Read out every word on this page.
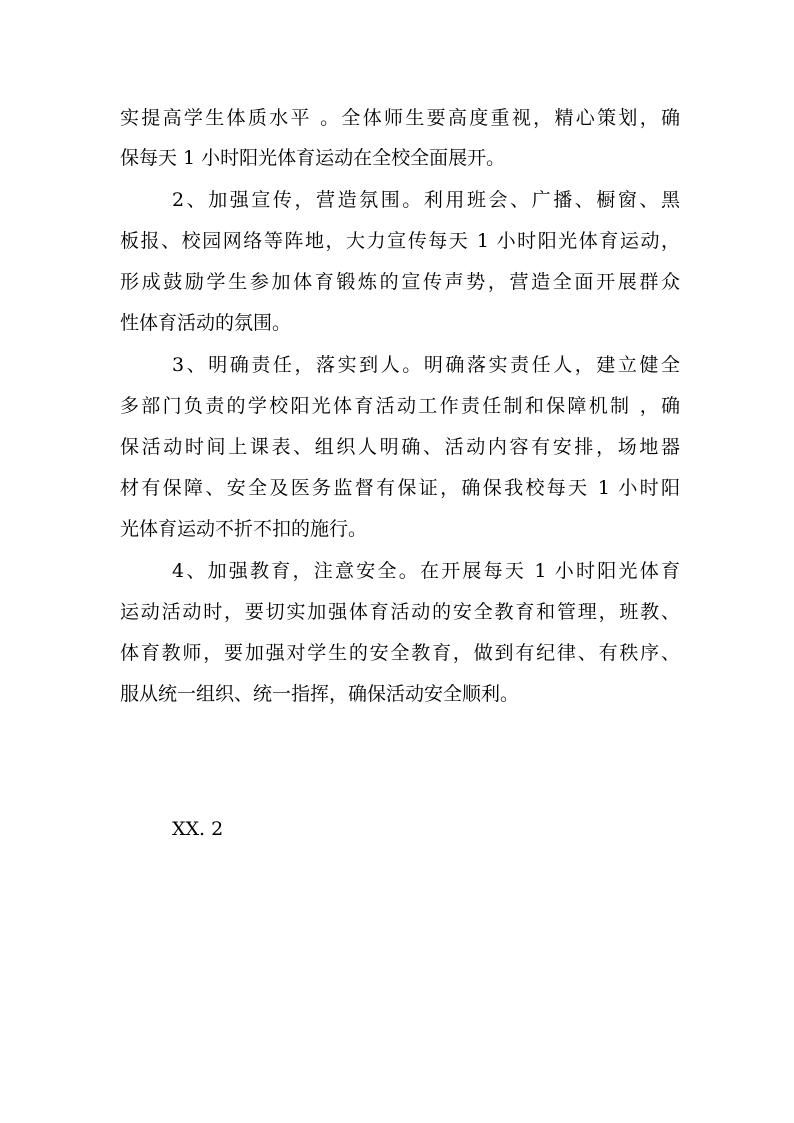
实提高学生体质水平 。全体师生要高度重视，精心策划，确
保每天 1 小时阳光体育运动在全校全面展开。
2、加强宣传，营造氛围。利用班会、广播、橱窗、黑
板报、校园网络等阵地，大力宣传每天 1 小时阳光体育运动，
形成鼓励学生参加体育锻炼的宣传声势，营造全面开展群众
性体育活动的氛围。
3、明确责任，落实到人。明确落实责任人，建立健全
多部门负责的学校阳光体育活动工作责任制和保障机制 ，确
保活动时间上课表、组织人明确、活动内容有安排，场地器
材有保障、安全及医务监督有保证，确保我校每天 1 小时阳
光体育运动不折不扣的施行。
4、加强教育，注意安全。在开展每天 1 小时阳光体育
运动活动时，要切实加强体育活动的安全教育和管理，班教、
体育教师，要加强对学生的安全教育，做到有纪律、有秩序、
服从统一组织、统一指挥，确保活动安全顺利。
XX. 2
